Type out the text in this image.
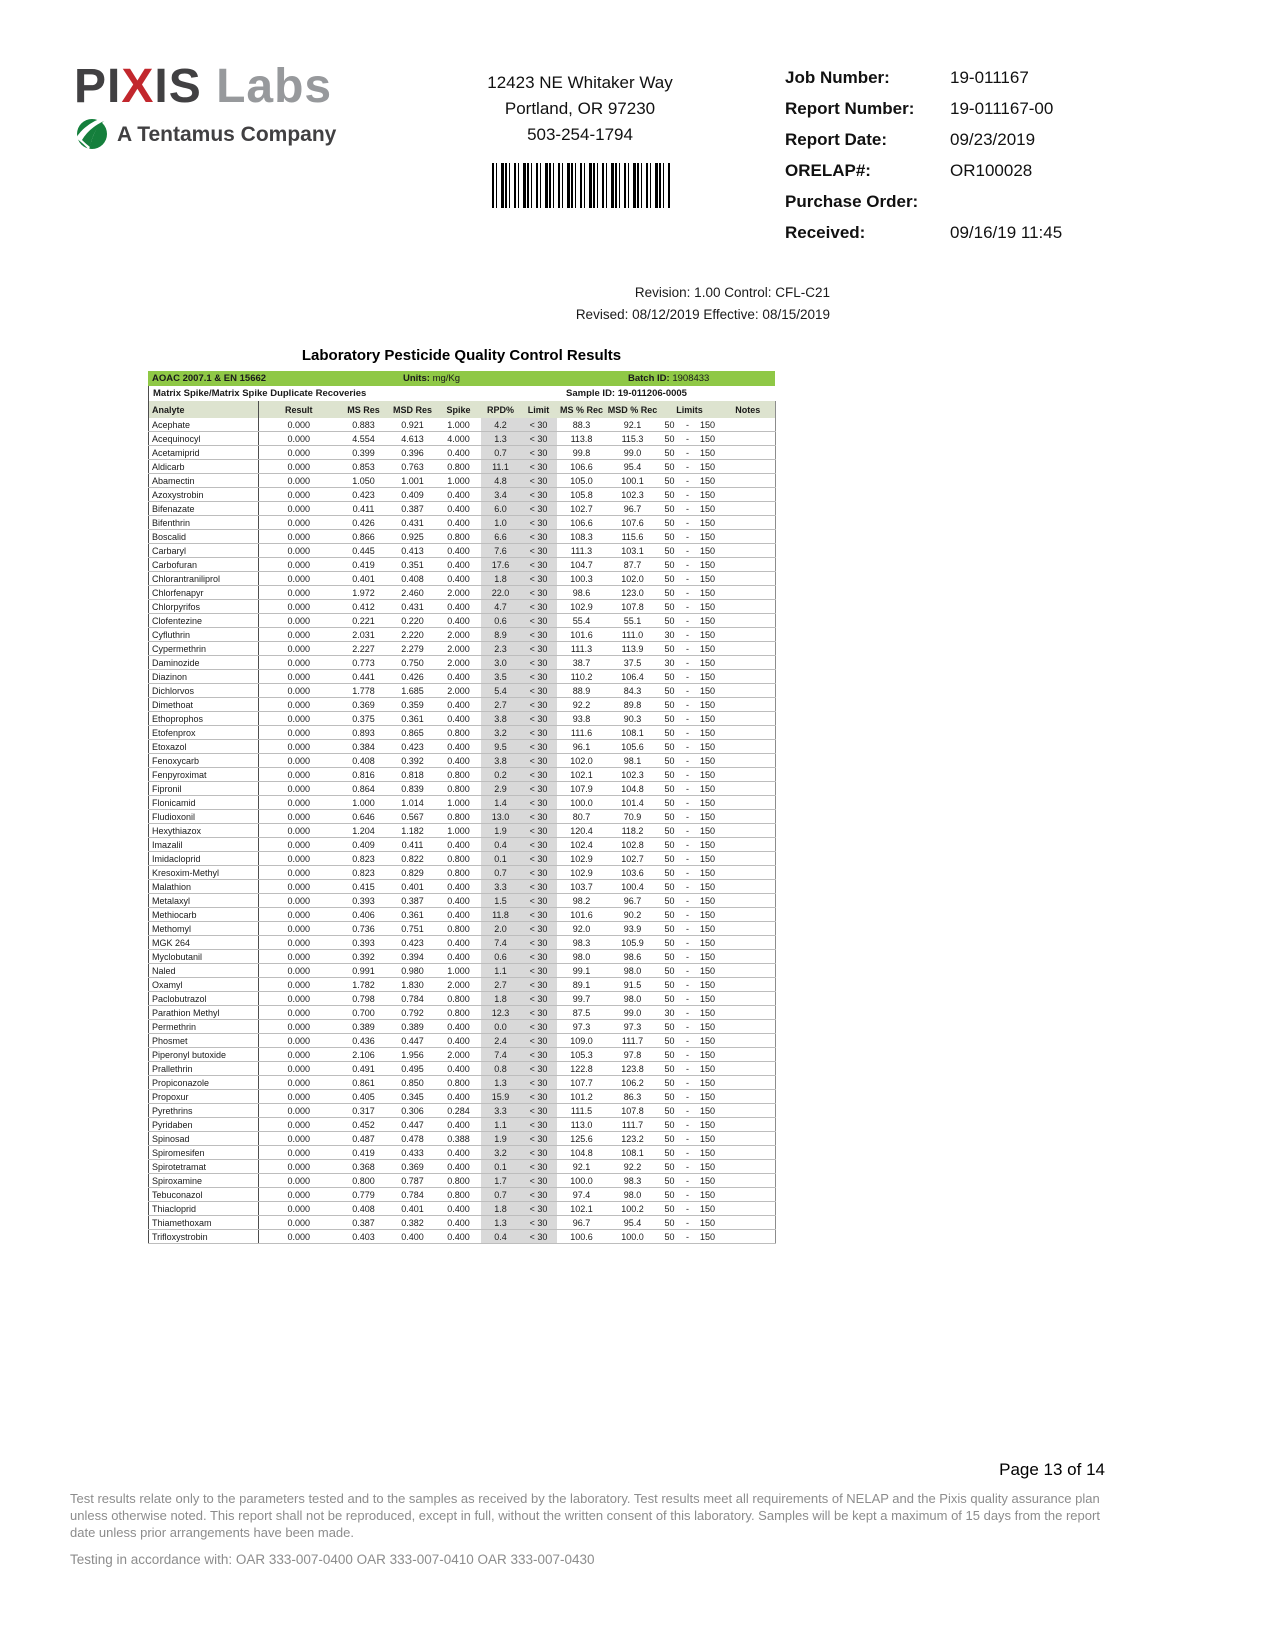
PIXIS Labs
A Tentamus Company
12423 NE Whitaker Way
Portland, OR 97230
503-254-1794
Job Number:	19-011167
Report Number:	19-011167-00
Report Date:	09/23/2019
ORELAP#:	OR100028
Purchase Order:
Received:	09/16/19 11:45
Revision: 1.00 Control: CFL-C21
Revised: 08/12/2019 Effective: 08/15/2019
Laboratory Pesticide Quality Control Results
AOAC 2007.1 & EN 15662	Units: mg/Kg	Batch ID: 1908433
Matrix Spike/Matrix Spike Duplicate Recoveries	Sample ID: 19-011206-0005
Analyte	Result	MS Res	MSD Res	Spike	RPD%	Limit	MS % Rec	MSD % Rec	Limits			Notes
Acephate	0.000	0.883	0.921	1.000	4.2	< 30	88.3	92.1	50	-	150	
Acequinocyl	0.000	4.554	4.613	4.000	1.3	< 30	113.8	115.3	50	-	150	
Acetamiprid	0.000	0.399	0.396	0.400	0.7	< 30	99.8	99.0	50	-	150	
Aldicarb	0.000	0.853	0.763	0.800	11.1	< 30	106.6	95.4	50	-	150	
Abamectin	0.000	1.050	1.001	1.000	4.8	< 30	105.0	100.1	50	-	150	
Azoxystrobin	0.000	0.423	0.409	0.400	3.4	< 30	105.8	102.3	50	-	150	
Bifenazate	0.000	0.411	0.387	0.400	6.0	< 30	102.7	96.7	50	-	150	
Bifenthrin	0.000	0.426	0.431	0.400	1.0	< 30	106.6	107.6	50	-	150	
Boscalid	0.000	0.866	0.925	0.800	6.6	< 30	108.3	115.6	50	-	150	
Carbaryl	0.000	0.445	0.413	0.400	7.6	< 30	111.3	103.1	50	-	150	
Carbofuran	0.000	0.419	0.351	0.400	17.6	< 30	104.7	87.7	50	-	150	
Chlorantraniliprol	0.000	0.401	0.408	0.400	1.8	< 30	100.3	102.0	50	-	150	
Chlorfenapyr	0.000	1.972	2.460	2.000	22.0	< 30	98.6	123.0	50	-	150	
Chlorpyrifos	0.000	0.412	0.431	0.400	4.7	< 30	102.9	107.8	50	-	150	
Clofentezine	0.000	0.221	0.220	0.400	0.6	< 30	55.4	55.1	50	-	150	
Cyfluthrin	0.000	2.031	2.220	2.000	8.9	< 30	101.6	111.0	30	-	150	
Cypermethrin	0.000	2.227	2.279	2.000	2.3	< 30	111.3	113.9	50	-	150	
Daminozide	0.000	0.773	0.750	2.000	3.0	< 30	38.7	37.5	30	-	150	
Diazinon	0.000	0.441	0.426	0.400	3.5	< 30	110.2	106.4	50	-	150	
Dichlorvos	0.000	1.778	1.685	2.000	5.4	< 30	88.9	84.3	50	-	150	
Dimethoat	0.000	0.369	0.359	0.400	2.7	< 30	92.2	89.8	50	-	150	
Ethoprophos	0.000	0.375	0.361	0.400	3.8	< 30	93.8	90.3	50	-	150	
Etofenprox	0.000	0.893	0.865	0.800	3.2	< 30	111.6	108.1	50	-	150	
Etoxazol	0.000	0.384	0.423	0.400	9.5	< 30	96.1	105.6	50	-	150	
Fenoxycarb	0.000	0.408	0.392	0.400	3.8	< 30	102.0	98.1	50	-	150	
Fenpyroximat	0.000	0.816	0.818	0.800	0.2	< 30	102.1	102.3	50	-	150	
Fipronil	0.000	0.864	0.839	0.800	2.9	< 30	107.9	104.8	50	-	150	
Flonicamid	0.000	1.000	1.014	1.000	1.4	< 30	100.0	101.4	50	-	150	
Fludioxonil	0.000	0.646	0.567	0.800	13.0	< 30	80.7	70.9	50	-	150	
Hexythiazox	0.000	1.204	1.182	1.000	1.9	< 30	120.4	118.2	50	-	150	
Imazalil	0.000	0.409	0.411	0.400	0.4	< 30	102.4	102.8	50	-	150	
Imidacloprid	0.000	0.823	0.822	0.800	0.1	< 30	102.9	102.7	50	-	150	
Kresoxim-Methyl	0.000	0.823	0.829	0.800	0.7	< 30	102.9	103.6	50	-	150	
Malathion	0.000	0.415	0.401	0.400	3.3	< 30	103.7	100.4	50	-	150	
Metalaxyl	0.000	0.393	0.387	0.400	1.5	< 30	98.2	96.7	50	-	150	
Methiocarb	0.000	0.406	0.361	0.400	11.8	< 30	101.6	90.2	50	-	150	
Methomyl	0.000	0.736	0.751	0.800	2.0	< 30	92.0	93.9	50	-	150	
MGK 264	0.000	0.393	0.423	0.400	7.4	< 30	98.3	105.9	50	-	150	
Myclobutanil	0.000	0.392	0.394	0.400	0.6	< 30	98.0	98.6	50	-	150	
Naled	0.000	0.991	0.980	1.000	1.1	< 30	99.1	98.0	50	-	150	
Oxamyl	0.000	1.782	1.830	2.000	2.7	< 30	89.1	91.5	50	-	150	
Paclobutrazol	0.000	0.798	0.784	0.800	1.8	< 30	99.7	98.0	50	-	150	
Parathion Methyl	0.000	0.700	0.792	0.800	12.3	< 30	87.5	99.0	30	-	150	
Permethrin	0.000	0.389	0.389	0.400	0.0	< 30	97.3	97.3	50	-	150	
Phosmet	0.000	0.436	0.447	0.400	2.4	< 30	109.0	111.7	50	-	150	
Piperonyl butoxide	0.000	2.106	1.956	2.000	7.4	< 30	105.3	97.8	50	-	150	
Prallethrin	0.000	0.491	0.495	0.400	0.8	< 30	122.8	123.8	50	-	150	
Propiconazole	0.000	0.861	0.850	0.800	1.3	< 30	107.7	106.2	50	-	150	
Propoxur	0.000	0.405	0.345	0.400	15.9	< 30	101.2	86.3	50	-	150	
Pyrethrins	0.000	0.317	0.306	0.284	3.3	< 30	111.5	107.8	50	-	150	
Pyridaben	0.000	0.452	0.447	0.400	1.1	< 30	113.0	111.7	50	-	150	
Spinosad	0.000	0.487	0.478	0.388	1.9	< 30	125.6	123.2	50	-	150	
Spiromesifen	0.000	0.419	0.433	0.400	3.2	< 30	104.8	108.1	50	-	150	
Spirotetramat	0.000	0.368	0.369	0.400	0.1	< 30	92.1	92.2	50	-	150	
Spiroxamine	0.000	0.800	0.787	0.800	1.7	< 30	100.0	98.3	50	-	150	
Tebuconazol	0.000	0.779	0.784	0.800	0.7	< 30	97.4	98.0	50	-	150	
Thiacloprid	0.000	0.408	0.401	0.400	1.8	< 30	102.1	100.2	50	-	150	
Thiamethoxam	0.000	0.387	0.382	0.400	1.3	< 30	96.7	95.4	50	-	150	
Trifloxystrobin	0.000	0.403	0.400	0.400	0.4	< 30	100.6	100.0	50	-	150	
Page 13 of 14
Test results relate only to the parameters tested and to the samples as received by the laboratory. Test results meet all requirements of NELAP and the Pixis quality assurance plan unless otherwise noted. This report shall not be reproduced, except in full, without the written consent of this laboratory. Samples will be kept a maximum of 15 days from the report date unless prior arrangements have been made.
Testing in accordance with: OAR 333-007-0400 OAR 333-007-0410 OAR 333-007-0430
